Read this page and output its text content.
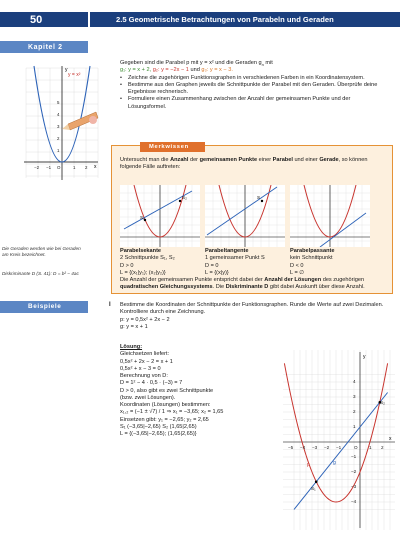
50	2.5 Geometrische Betrachtungen von Parabeln und Geraden
Kapitel 2
y
x
y = x²
−2 −1 O	1 2
1
2
3
4
5
Die Geraden werden wie bei Geraden am Kreis bezeichnet.
Diskriminante D (S. 41): D = b² − 4ac
Gegeben sind die Parabel p mit y = x² und die Geraden $g_n$ mit
g₁: y = x + 2, g₂: y = −2x − 1 und g₃: y = x − 3.
• Zeichne die zugehörigen Funktionsgraphen in verschiedenen Farben in ein Koordinatensystem.
• Bestimme aus den Graphen jeweils die Schnittpunkte der Parabel mit den Geraden. Überprüfe deine Ergebnisse rechnerisch.
• Formuliere einen Zusammenhang zwischen der Anzahl der gemeinsamen Punkte und der Lösungsformel.
Merkwissen
Untersucht man die Anzahl der gemeinsamen Punkte einer Parabel und einer Gerade, so können folgende Fälle auftreten:
S₁
S₂	S
Parabelsekante
2 Schnittpunkte S₁, S₂
D > 0
L = {(x₁|y₁); (x₂|y₂)}
Parabeltangente
1 gemeinsamer Punkt S
D = 0
L = {(x|y)}
Parabelpassante
kein Schnittpunkt
D < 0
L = ∅
Die Anzahl der gemeinsamen Punkte entspricht dabei der Anzahl der Lösungen des zugehörigen quadratischen Gleichungssystems. Die Diskriminante D gibt dabei Auskunft über diese Anzahl.
Beispiele	I Bestimme die Koordinaten der Schnittpunkte der Funktionsgraphen. Runde die Werte auf zwei Dezimalen. Kontrolliere durch eine Zeichnung.
p: y = 0,5x² + 2x − 2
g: y = x + 1
Lösung:
Gleichsetzen liefert:
0,5x² + 2x − 2 = x + 1
0,5x² + x − 3 = 0
Berechnung von D:
D = 1² − 4 · 0,5 · (−3) = 7
D > 0, also gibt es zwei Schnittpunkte
(bzw. zwei Lösungen).
Koordinaten (Lösungen) bestimmen:
x₁,₂ = (−1 ± √7) / 1 ⇒ x₁ = −3,65; x₂ = 1,65
Einsetzen gibt: y₁ = −2,65; y₂ = 2,65
S₁ (−3,65|−2,65) S₂ (1,65|2,65)
L = {(−3,65|−2,65); (1,65|2,65)}
−5 −4 −3 −2 −1	O 1 2
4
3
2
1
−1
−2
−3
−4
y
x
p	g
S₁
S₂
